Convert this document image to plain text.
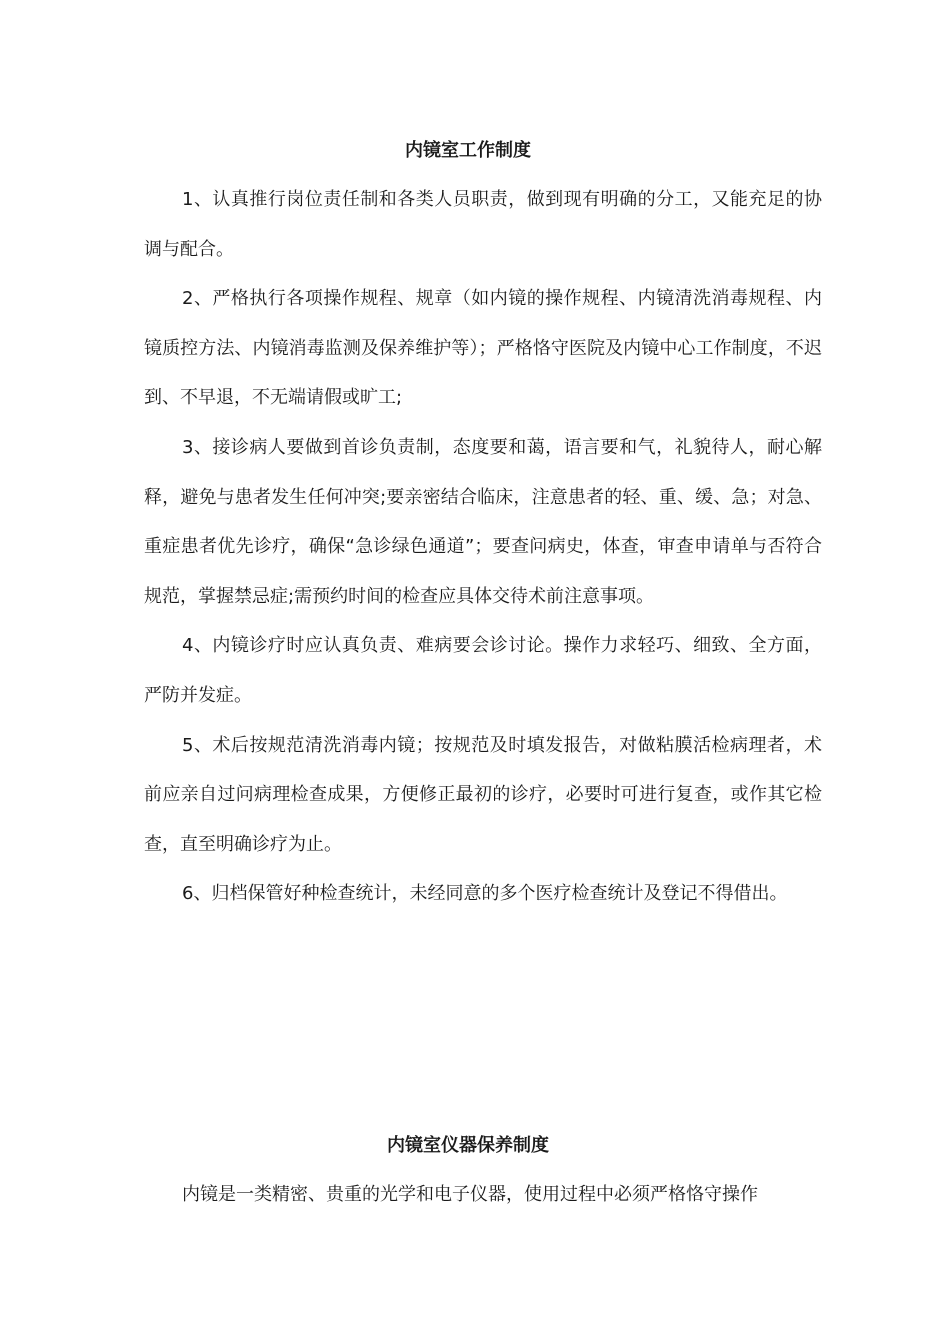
内镜室工作制度

1、认真推行岗位责任制和各类人员职责，做到现有明确的分工，又能充足的协调与配合。

2、严格执行各项操作规程、规章（如内镜的操作规程、内镜清洗消毒规程、内镜质控方法、内镜消毒监测及保养维护等）；严格恪守医院及内镜中心工作制度，不迟到、不早退，不无端请假或旷工;

3、接诊病人要做到首诊负责制，态度要和蔼，语言要和气，礼貌待人，耐心解释，避免与患者发生任何冲突;要亲密结合临床，注意患者的轻、重、缓、急；对急、重症患者优先诊疗，确保“急诊绿色通道”；要查问病史，体查，审查申请单与否符合规范，掌握禁忌症;需预约时间的检查应具体交待术前注意事项。

4、内镜诊疗时应认真负责、难病要会诊讨论。操作力求轻巧、细致、全方面，严防并发症。

5、术后按规范清洗消毒内镜；按规范及时填发报告，对做粘膜活检病理者，术前应亲自过问病理检查成果，方便修正最初的诊疗，必要时可进行复查，或作其它检查，直至明确诊疗为止。

6、归档保管好种检查统计，未经同意的多个医疗检查统计及登记不得借出。

内镜室仪器保养制度

内镜是一类精密、贵重的光学和电子仪器，使用过程中必须严格恪守操作
